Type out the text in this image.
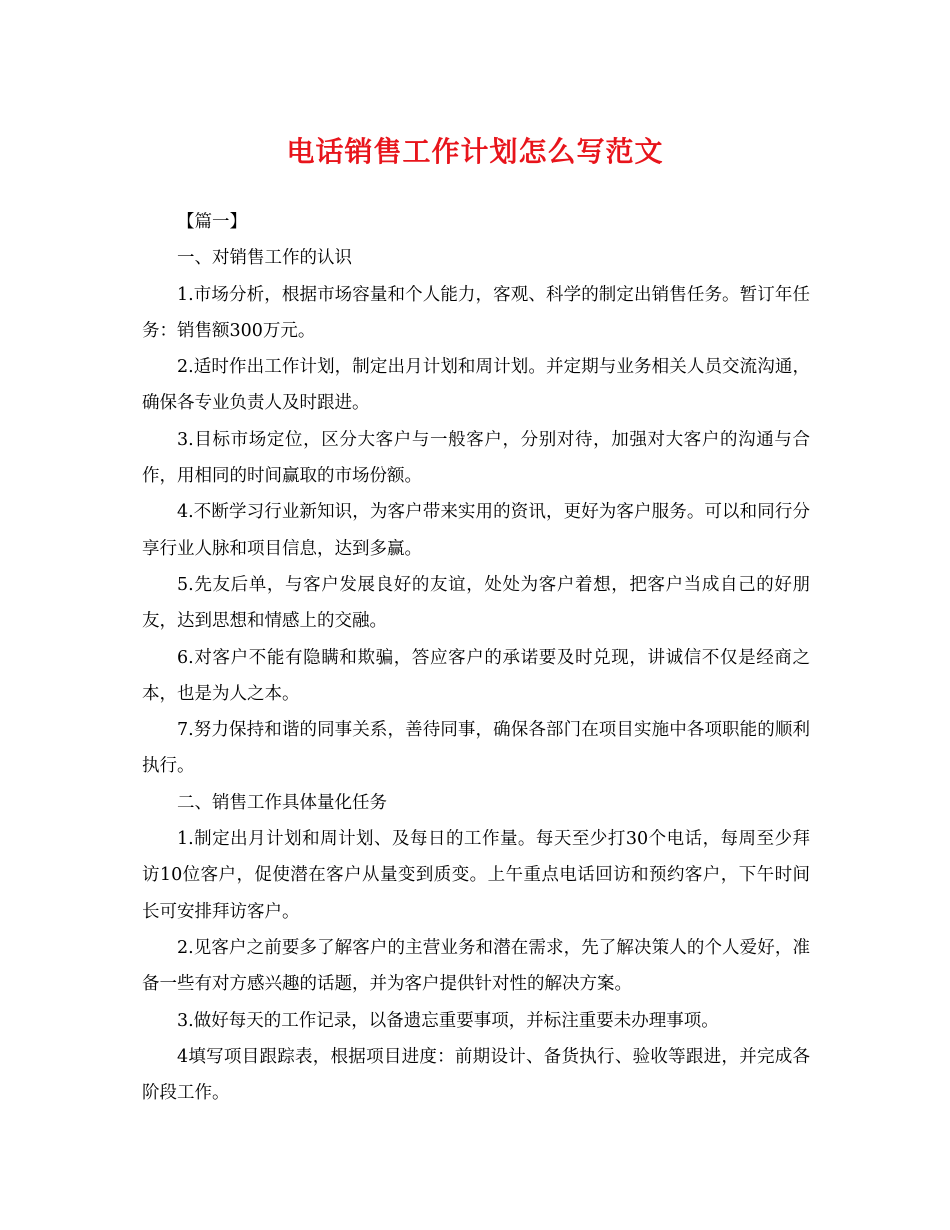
电话销售工作计划怎么写范文

【篇一】

一、对销售工作的认识

1.市场分析，根据市场容量和个人能力，客观、科学的制定出销售任务。暂订年任务：销售额300万元。

2.适时作出工作计划，制定出月计划和周计划。并定期与业务相关人员交流沟通，确保各专业负责人及时跟进。

3.目标市场定位，区分大客户与一般客户，分别对待，加强对大客户的沟通与合作，用相同的时间赢取的市场份额。

4.不断学习行业新知识，为客户带来实用的资讯，更好为客户服务。可以和同行分享行业人脉和项目信息，达到多赢。

5.先友后单，与客户发展良好的友谊，处处为客户着想，把客户当成自己的好朋友，达到思想和情感上的交融。

6.对客户不能有隐瞒和欺骗，答应客户的承诺要及时兑现，讲诚信不仅是经商之本，也是为人之本。

7.努力保持和谐的同事关系，善待同事，确保各部门在项目实施中各项职能的顺利执行。

二、销售工作具体量化任务

1.制定出月计划和周计划、及每日的工作量。每天至少打30个电话，每周至少拜访10位客户，促使潜在客户从量变到质变。上午重点电话回访和预约客户，下午时间长可安排拜访客户。

2.见客户之前要多了解客户的主营业务和潜在需求，先了解决策人的个人爱好，准备一些有对方感兴趣的话题，并为客户提供针对性的解决方案。

3.做好每天的工作记录，以备遗忘重要事项，并标注重要未办理事项。

4填写项目跟踪表，根据项目进度：前期设计、备货执行、验收等跟进，并完成各阶段工作。
